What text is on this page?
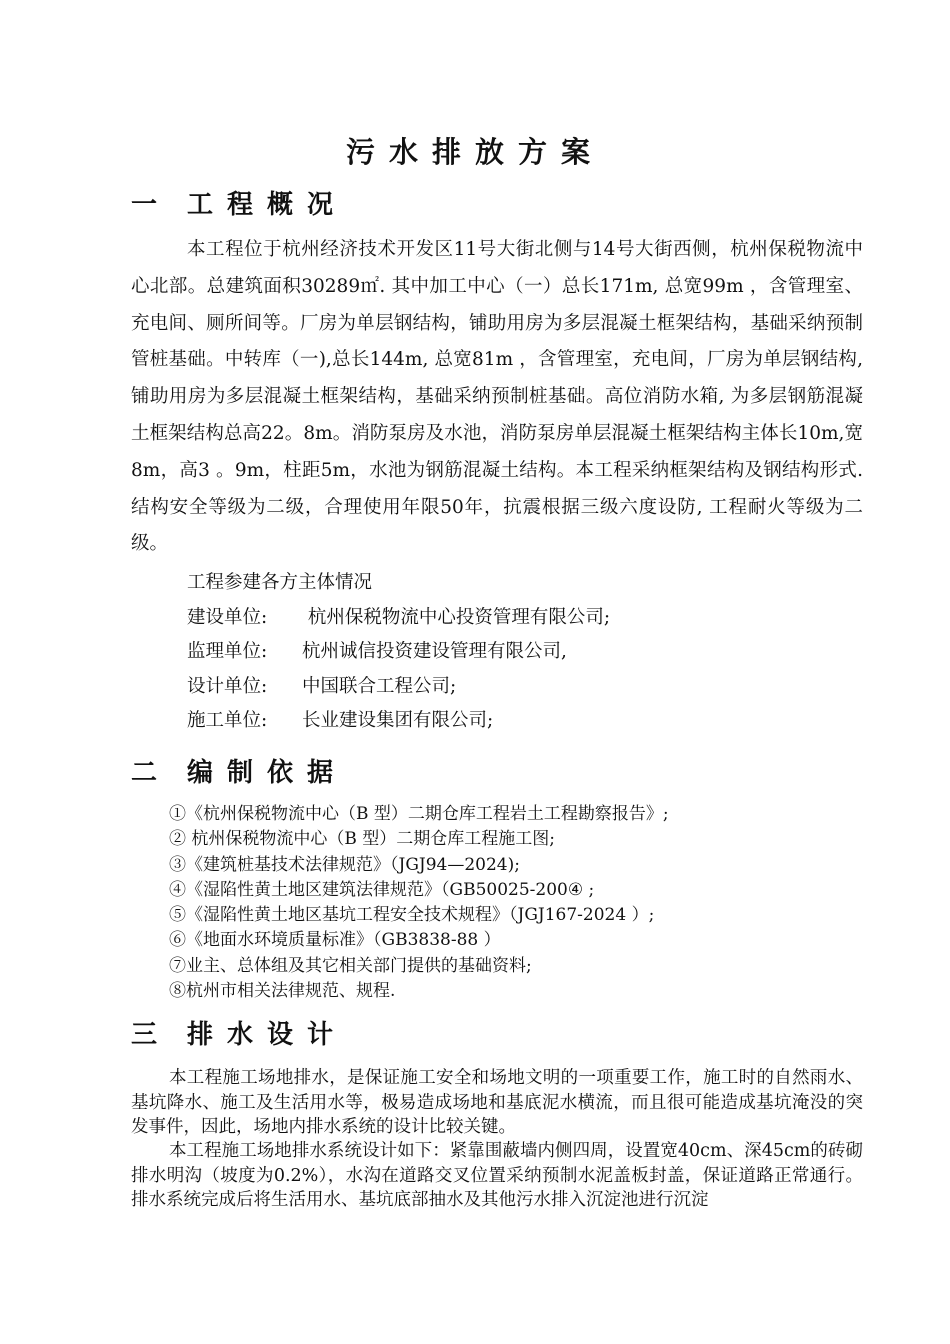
污水排放方案
一 工程概况
本工程位于杭州经济技术开发区11号大街北侧与14号大街西侧，杭州保税物流中心北部。总建筑面积30289㎡. 其中加工中心（一）总长171m, 总宽99m ，含管理室、充电间、厕所间等。厂房为单层钢结构，铺助用房为多层混凝土框架结构，基础采纳预制管桩基础。中转库（一),总长144m, 总宽81m ，含管理室，充电间，厂房为单层钢结构,铺助用房为多层混凝土框架结构，基础采纳预制桩基础。高位消防水箱, 为多层钢筋混凝土框架结构总高22。8m。消防泵房及水池，消防泵房单层混凝土框架结构主体长10m,宽8m，高3 。9m，柱距5m，水池为钢筋混凝土结构。本工程采纳框架结构及钢结构形式.结构安全等级为二级，合理使用年限50年，抗震根据三级六度设防, 工程耐火等级为二级。
工程参建各方主体情况
建设单位: 杭州保税物流中心投资管理有限公司;
监理单位: 杭州诚信投资建设管理有限公司,
设计单位: 中国联合工程公司;
施工单位: 长业建设集团有限公司;
二 编制依据
①《杭州保税物流中心（B 型）二期仓库工程岩土工程勘察报告》;
② 杭州保税物流中心（B 型）二期仓库工程施工图;
③《建筑桩基技术法律规范》（JGJ94—2024);
④《湿陷性黄土地区建筑法律规范》（GB50025-200④ ;
⑤《湿陷性黄土地区基坑工程安全技术规程》（JGJ167-2024 ）;
⑥《地面水环境质量标准》（GB3838-88 ）
⑦业主、总体组及其它相关部门提供的基础资料;
⑧杭州市相关法律规范、规程.
三 排水设计
本工程施工场地排水，是保证施工安全和场地文明的一项重要工作，施工时的自然雨水、基坑降水、施工及生活用水等，极易造成场地和基底泥水横流，而且很可能造成基坑淹没的突发事件，因此，场地内排水系统的设计比较关键。
本工程施工场地排水系统设计如下：紧靠围蔽墙内侧四周，设置宽40cm、深45cm的砖砌排水明沟（坡度为0.2%），水沟在道路交叉位置采纳预制水泥盖板封盖，保证道路正常通行。排水系统完成后将生活用水、基坑底部抽水及其他污水排入沉淀池进行沉淀
